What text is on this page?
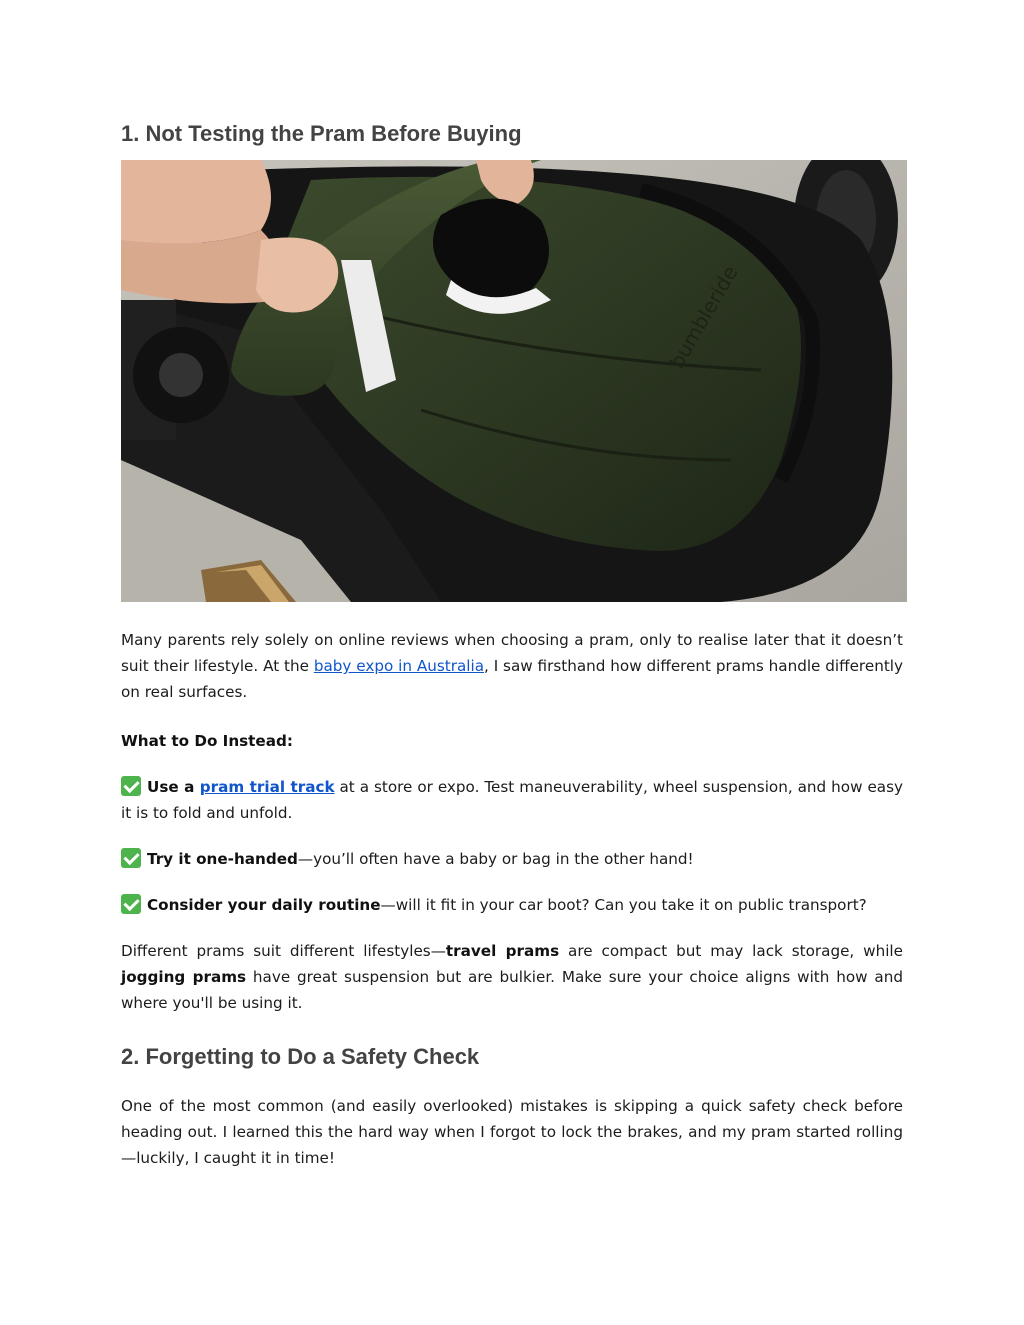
1. Not Testing the Pram Before Buying
bumbleride

Many parents rely solely on online reviews when choosing a pram, only to realise later that it doesn’t suit their lifestyle. At the baby expo in Australia, I saw firsthand how different prams handle differently on real surfaces.

What to Do Instead:

Use a pram trial track at a store or expo. Test maneuverability, wheel suspension, and how easy it is to fold and unfold.

Try it one-handed—you’ll often have a baby or bag in the other hand!

Consider your daily routine—will it fit in your car boot? Can you take it on public transport?

Different prams suit different lifestyles—travel prams are compact but may lack storage, while jogging prams have great suspension but are bulkier. Make sure your choice aligns with how and where you'll be using it.

2. Forgetting to Do a Safety Check

One of the most common (and easily overlooked) mistakes is skipping a quick safety check before heading out. I learned this the hard way when I forgot to lock the brakes, and my pram started rolling—luckily, I caught it in time!
